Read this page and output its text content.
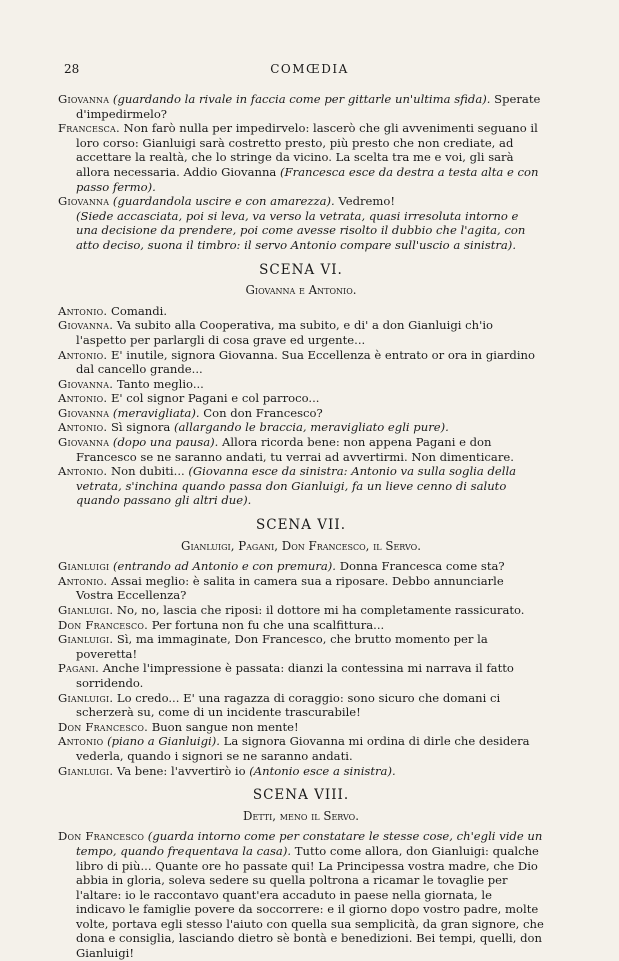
28	COMŒDIA

Giovanna (guardando la rivale in faccia come per gittarle un'ultima sfida). Sperate d'impedirmelo?

Francesca. Non farò nulla per impedirvelo: lascerò che gli avvenimenti seguano il loro corso: Gianluigi sarà costretto presto, più presto che non crediate, ad accettare la realtà, che lo stringe da vicino. La scelta tra me e voi, gli sarà allora necessaria. Addio Giovanna (Francesca esce da destra a testa alta e con passo fermo).

Giovanna (guardandola uscire e con amarezza). Vedremo!

(Siede accasciata, poi si leva, va verso la vetrata, quasi irresoluta intorno e una decisione da prendere, poi come avesse risolto il dubbio che l'agita, con atto deciso, suona il timbro: il servo Antonio compare sull'uscio a sinistra).

SCENA VI.

Giovanna e Antonio.

Antonio. Comandi.

Giovanna. Va subito alla Cooperativa, ma subito, e di' a don Gianluigi ch'io l'aspetto per parlargli di cosa grave ed urgente...

Antonio. E' inutile, signora Giovanna. Sua Eccellenza è entrato or ora in giardino dal cancello grande...

Giovanna. Tanto meglio...

Antonio. E' col signor Pagani e col parroco...

Giovanna (meravigliata). Con don Francesco?

Antonio. Sì signora (allargando le braccia, meravigliato egli pure).

Giovanna (dopo una pausa). Allora ricorda bene: non appena Pagani e don Francesco se ne saranno andati, tu verrai ad avvertirmi. Non dimenticare.

Antonio. Non dubiti... (Giovanna esce da sinistra: Antonio va sulla soglia della vetrata, s'inchina quando passa don Gianluigi, fa un lieve cenno di saluto quando passano gli altri due).

SCENA VII.

Gianluigi, Pagani, Don Francesco, il Servo.

Gianluigi (entrando ad Antonio e con premura). Donna Francesca come sta?

Antonio. Assai meglio: è salita in camera sua a riposare. Debbo annunciarle Vostra Eccellenza?

Gianluigi. No, no, lascia che riposi: il dottore mi ha completamente rassicurato.

Don Francesco. Per fortuna non fu che una scalfittura...

Gianluigi. Sì, ma immaginate, Don Francesco, che brutto momento per la poveretta!

Pagani. Anche l'impressione è passata: dianzi la contessina mi narrava il fatto sorridendo.

Gianluigi. Lo credo... E' una ragazza di coraggio: sono sicuro che domani ci scherzerà su, come di un incidente trascurabile!

Don Francesco. Buon sangue non mente!

Antonio (piano a Gianluigi). La signora Giovanna mi ordina di dirle che desidera vederla, quando i signori se ne saranno andati.

Gianluigi. Va bene: l'avvertirò io (Antonio esce a sinistra).

SCENA VIII.

Detti, meno il Servo.

Don Francesco (guarda intorno come per constatare le stesse cose, ch'egli vide un tempo, quando frequentava la casa). Tutto come allora, don Gianluigi: qualche libro di più... Quante ore ho passate qui! La Principessa vostra madre, che Dio abbia in gloria, soleva sedere su quella poltrona a ricamar le tovaglie per l'altare: io le raccontavo quant'era accaduto in paese nella giornata, le indicavo le famiglie povere da soccorrere: e il giorno dopo vostro padre, molte volte, portava egli stesso l'aiuto con quella sua semplicità, da gran signore, che dona e consiglia, lasciando dietro sè bontà e benedizioni. Bei tempi, quelli, don Gianluigi!
